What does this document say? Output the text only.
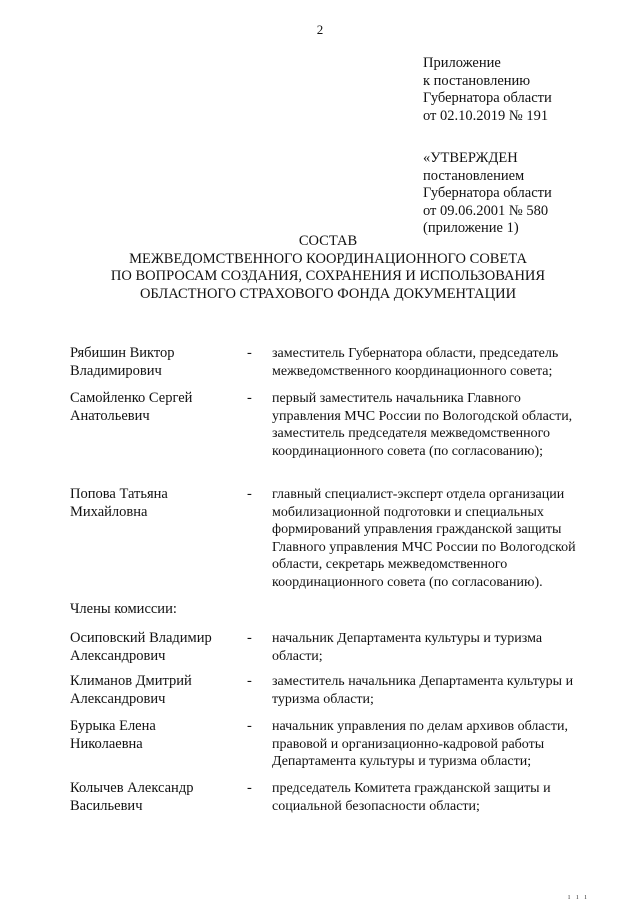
2
Приложение
к постановлению
Губернатора области
от 02.10.2019 № 191
«УТВЕРЖДЕН
постановлением
Губернатора области
от 09.06.2001 № 580
(приложение 1)
СОСТАВ
МЕЖВЕДОМСТВЕННОГО КООРДИНАЦИОННОГО СОВЕТА
ПО ВОПРОСАМ СОЗДАНИЯ, СОХРАНЕНИЯ И ИСПОЛЬЗОВАНИЯ
ОБЛАСТНОГО СТРАХОВОГО ФОНДА ДОКУМЕНТАЦИИ
Рябишин Виктор
Владимирович
- заместитель Губернатора области, председатель
межведомственного координационного совета;
Самойленко Сергей
Анатольевич
- первый заместитель начальника Главного
управления МЧС России по Вологодской области,
заместитель председателя межведомственного
координационного совета (по согласованию);
Попова Татьяна
Михайловна
- главный специалист-эксперт отдела организации
мобилизационной подготовки и специальных
формирований управления гражданской защиты
Главного управления МЧС России по Вологодской
области, секретарь межведомственного
координационного совета (по согласованию).
Члены комиссии:
Осиповский Владимир
Александрович
- начальник Департамента культуры и туризма
области;
Климанов Дмитрий
Александрович
- заместитель начальника Департамента культуры и
туризма области;
Бурыка Елена
Николаевна
- начальник управления по делам архивов области,
правовой и организационно-кадровой работы
Департамента культуры и туризма области;
Колычев Александр
Васильевич
- председатель Комитета гражданской защиты и
социальной безопасности области;
ı ı ı
